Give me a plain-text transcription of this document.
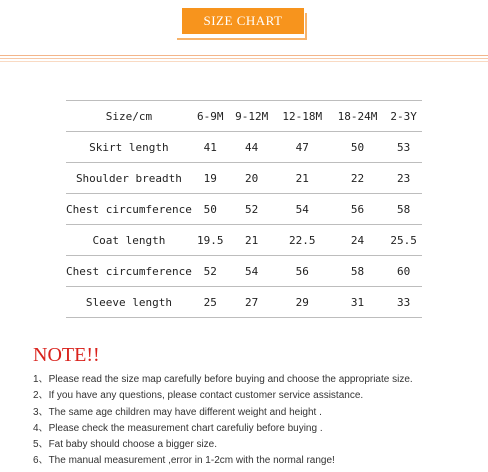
SIZE CHART
Size/cm	6-9M	9-12M	12-18M	18-24M	2-3Y
Skirt length	41	44	47	50	53
Shoulder breadth	19	20	21	22	23
Chest circumference	50	52	54	56	58
Coat length	19.5	21	22.5	24	25.5
Chest circumference	52	54	56	58	60
Sleeve length	25	27	29	31	33
NOTE!!
1、Please read the size map carefully before buying and choose the appropriate size.
2、If you have any questions, please contact customer service assistance.
3、The same age children may have different weight and height .
4、Please check the measurement chart carefuliy before buying .
5、Fat baby should choose a bigger size.
6、The manual measurement ,error in 1-2cm with the normal range!
